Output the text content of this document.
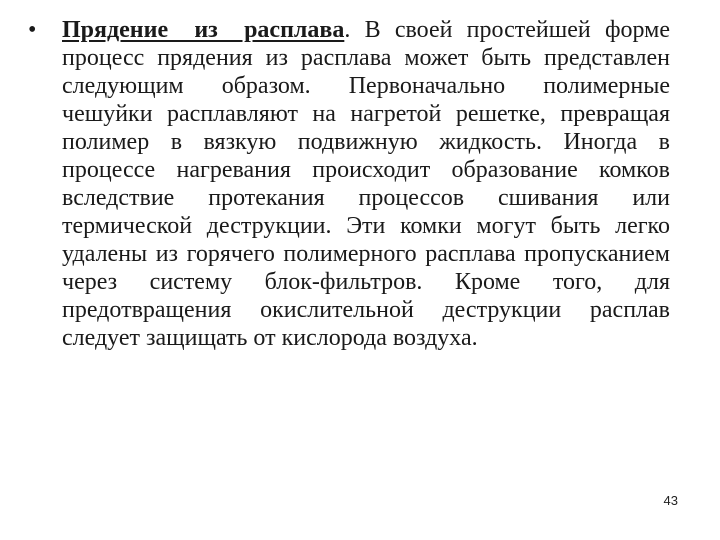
•	Прядение из расплава. В своей простейшей форме процесс прядения из расплава может быть представлен следующим образом. Первоначально полимерные чешуйки расплавляют на нагретой решетке, превращая полимер в вязкую подвижную жидкость. Иногда в процессе нагревания происходит образование комков вследствие протекания процессов сшивания или термической деструкции. Эти комки могут быть легко удалены из горячего полимерного расплава пропусканием через систему блок-фильтров. Кроме того, для предотвращения окислительной деструкции расплав следует защищать от кислорода воздуха.

43
